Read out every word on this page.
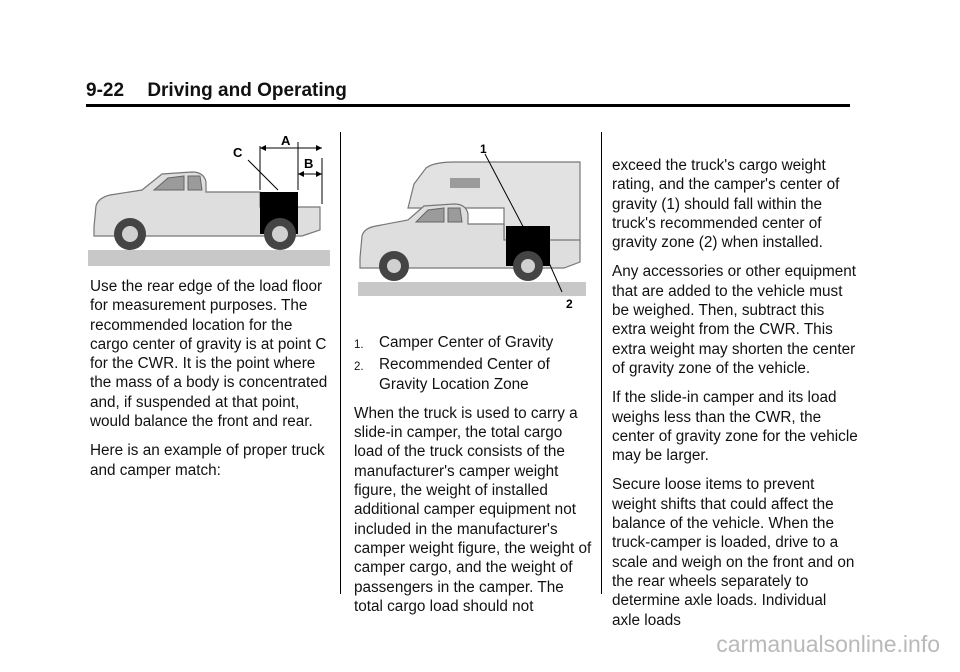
9-22 Driving and Operating
C
A
B
1
2

Use the rear edge of the load floor for measurement purposes. The recommended location for the cargo center of gravity is at point C for the CWR. It is the point where the mass of a body is concentrated and, if suspended at that point, would balance the front and rear.

Here is an example of proper truck and camper match:

1.	Camper Center of Gravity
2.	Recommended Center of Gravity Location Zone

When the truck is used to carry a slide-in camper, the total cargo load of the truck consists of the manufacturer's camper weight figure, the weight of installed additional camper equipment not included in the manufacturer's camper weight figure, the weight of camper cargo, and the weight of passengers in the camper. The total cargo load should not

exceed the truck's cargo weight rating, and the camper's center of gravity (1) should fall within the truck's recommended center of gravity zone (2) when installed.

Any accessories or other equipment that are added to the vehicle must be weighed. Then, subtract this extra weight from the CWR. This extra weight may shorten the center of gravity zone of the vehicle.

If the slide-in camper and its load weighs less than the CWR, the center of gravity zone for the vehicle may be larger.

Secure loose items to prevent weight shifts that could affect the balance of the vehicle. When the truck-camper is loaded, drive to a scale and weigh on the front and on the rear wheels separately to determine axle loads. Individual axle loads

carmanualsonline.info
